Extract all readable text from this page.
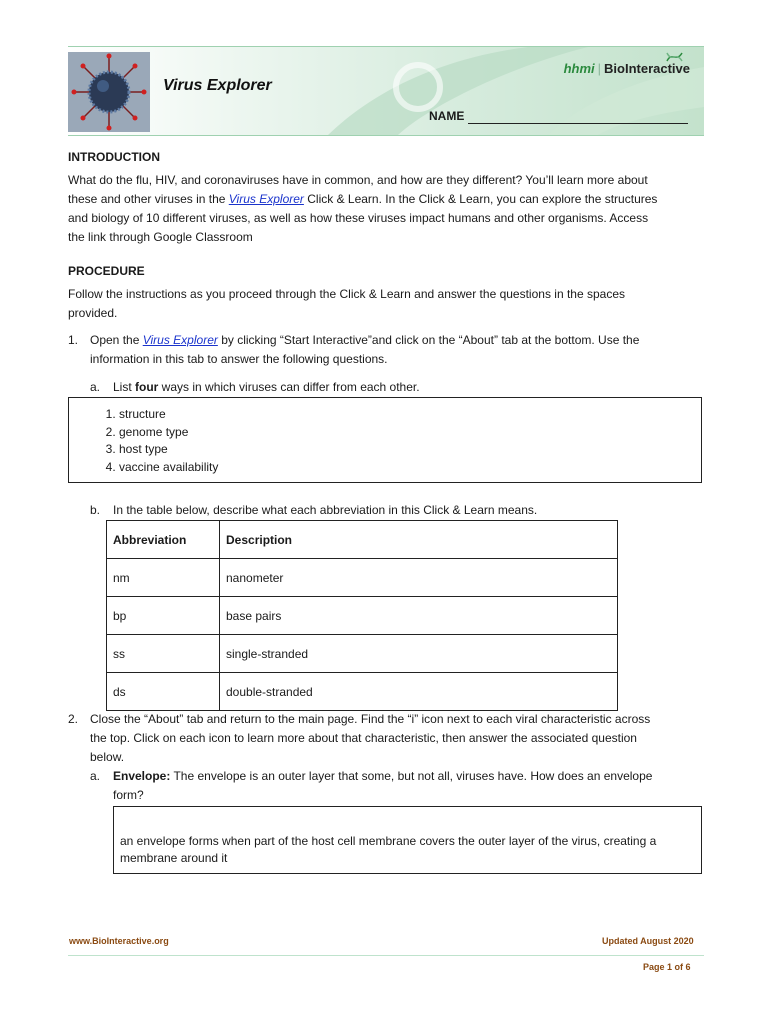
Virus Explorer
hhmi | BioInteractive
NAME
INTRODUCTION
What do the flu, HIV, and coronaviruses have in common, and how are they different? You’ll learn more about
these and other viruses in the Virus Explorer Click & Learn. In the Click & Learn, you can explore the structures
and biology of 10 different viruses, as well as how these viruses impact humans and other organisms. Access
the link through Google Classroom
PROCEDURE
Follow the instructions as you proceed through the Click & Learn and answer the questions in the spaces
provided.
1. Open the Virus Explorer by clicking “Start Interactive”and click on the “About” tab at the bottom. Use the
information in this tab to answer the following questions.
a. List four ways in which viruses can differ from each other.
1. structure
2. genome type
3. host type
4. vaccine availability
b. In the table below, describe what each abbreviation in this Click & Learn means.
Abbreviation	Description
nm	nanometer
bp	base pairs
ss	single-stranded
ds	double-stranded
2. Close the “About” tab and return to the main page. Find the “i” icon next to each viral characteristic across
the top. Click on each icon to learn more about that characteristic, then answer the associated question
below.
a. Envelope: The envelope is an outer layer that some, but not all, viruses have. How does an envelope
form?
an envelope forms when part of the host cell membrane covers the outer layer of the virus, creating a
membrane around it
www.BioInteractive.org	Updated August 2020
Page 1 of 6
